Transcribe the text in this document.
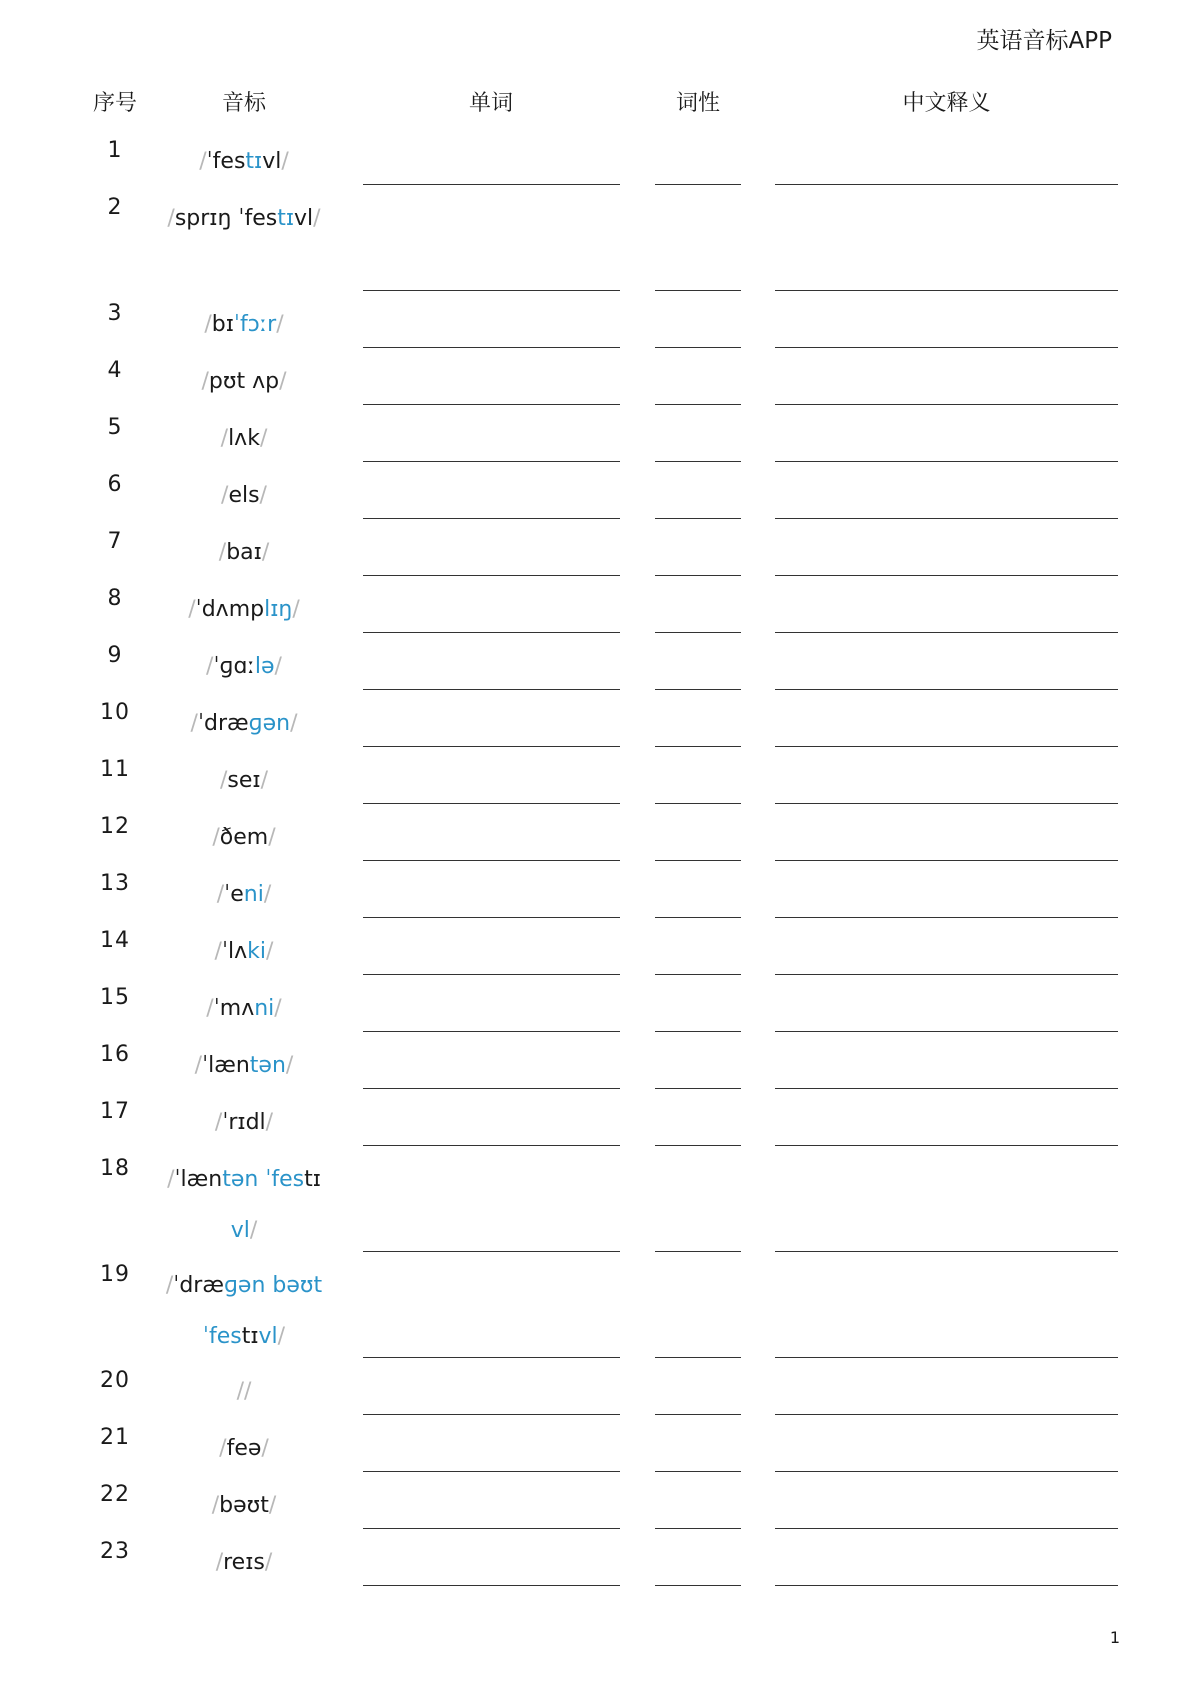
英语音标APP
序号	音标	单词	词性	中文释义
1	/ˈfestɪvl/
2	/sprɪŋ ˈfestɪvl/
3	/bɪˈfɔːr/
4	/pʊt ʌp/
5	/lʌk/
6	/els/
7	/baɪ/
8	/ˈdʌmplɪŋ/
9	/ˈɡɑːlə/
10	/ˈdræɡən/
11	/seɪ/
12	/ðem/
13	/ˈeni/
14	/ˈlʌki/
15	/ˈmʌni/
16	/ˈlæntən/
17	/ˈrɪdl/
18	/ˈlæntən ˈfestɪvl/
19	/ˈdræɡən bəʊt ˈfestɪvl/
20	//
21	/feə/
22	/bəʊt/
23	/reɪs/
1
